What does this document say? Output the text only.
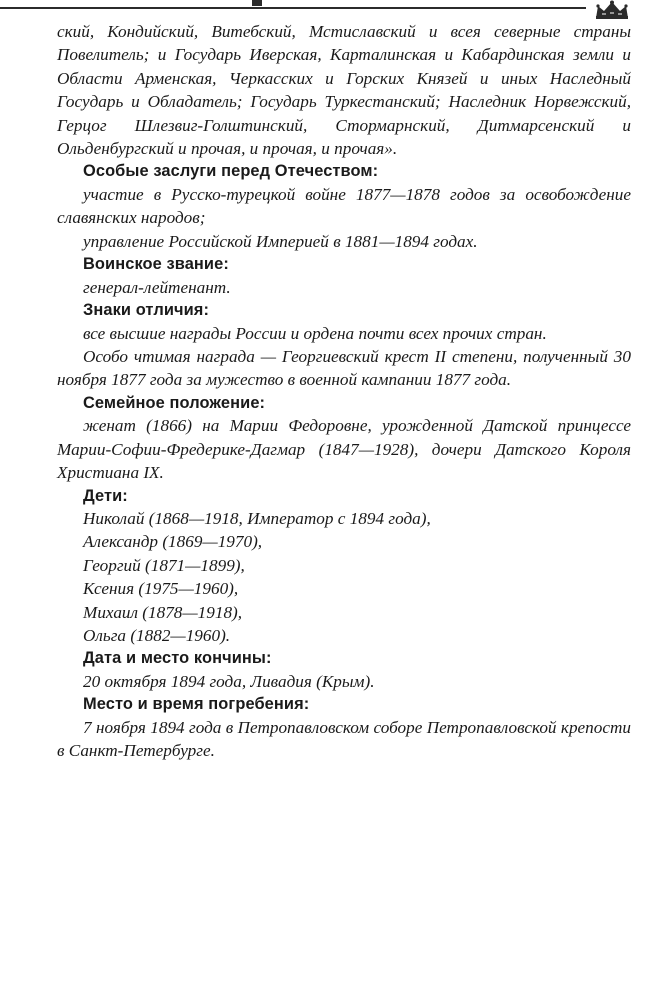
ский, Кондийский, Витебский, Мстиславский и всея северные страны Повелитель; и Государь Иверская, Карталинская и Кабардинская земли и Области Арменская, Черкасских и Горских Князей и иных Наследный Государь и Обладатель; Государь Туркестанский; Наследник Норвежский, Герцог Шлезвиг-Голштинский, Стормарнский, Дитмарсенский и Ольденбургский и прочая, и прочая, и прочая».

Особые заслуги перед Отечеством:

участие в Русско-турецкой войне 1877—1878 годов за освобождение славянских народов;

управление Российской Империей в 1881—1894 годах.

Воинское звание:

генерал-лейтенант.

Знаки отличия:

все высшие награды России и ордена почти всех прочих стран.

Особо чтимая награда — Георгиевский крест II степени, полученный 30 ноября 1877 года за мужество в военной кампании 1877 года.

Семейное положение:

женат (1866) на Марии Федоровне, урожденной Датской принцессе Марии-Софии-Фредерике-Дагмар (1847—1928), дочери Датского Короля Христиана IX.

Дети:

Николай (1868—1918, Император с 1894 года),

Александр (1869—1970),

Георгий (1871—1899),

Ксения (1975—1960),

Михаил (1878—1918),

Ольга (1882—1960).

Дата и место кончины:

20 октября 1894 года, Ливадия (Крым).

Место и время погребения:

7 ноября 1894 года в Петропавловском соборе Петропавловской крепости в Санкт-Петербурге.
